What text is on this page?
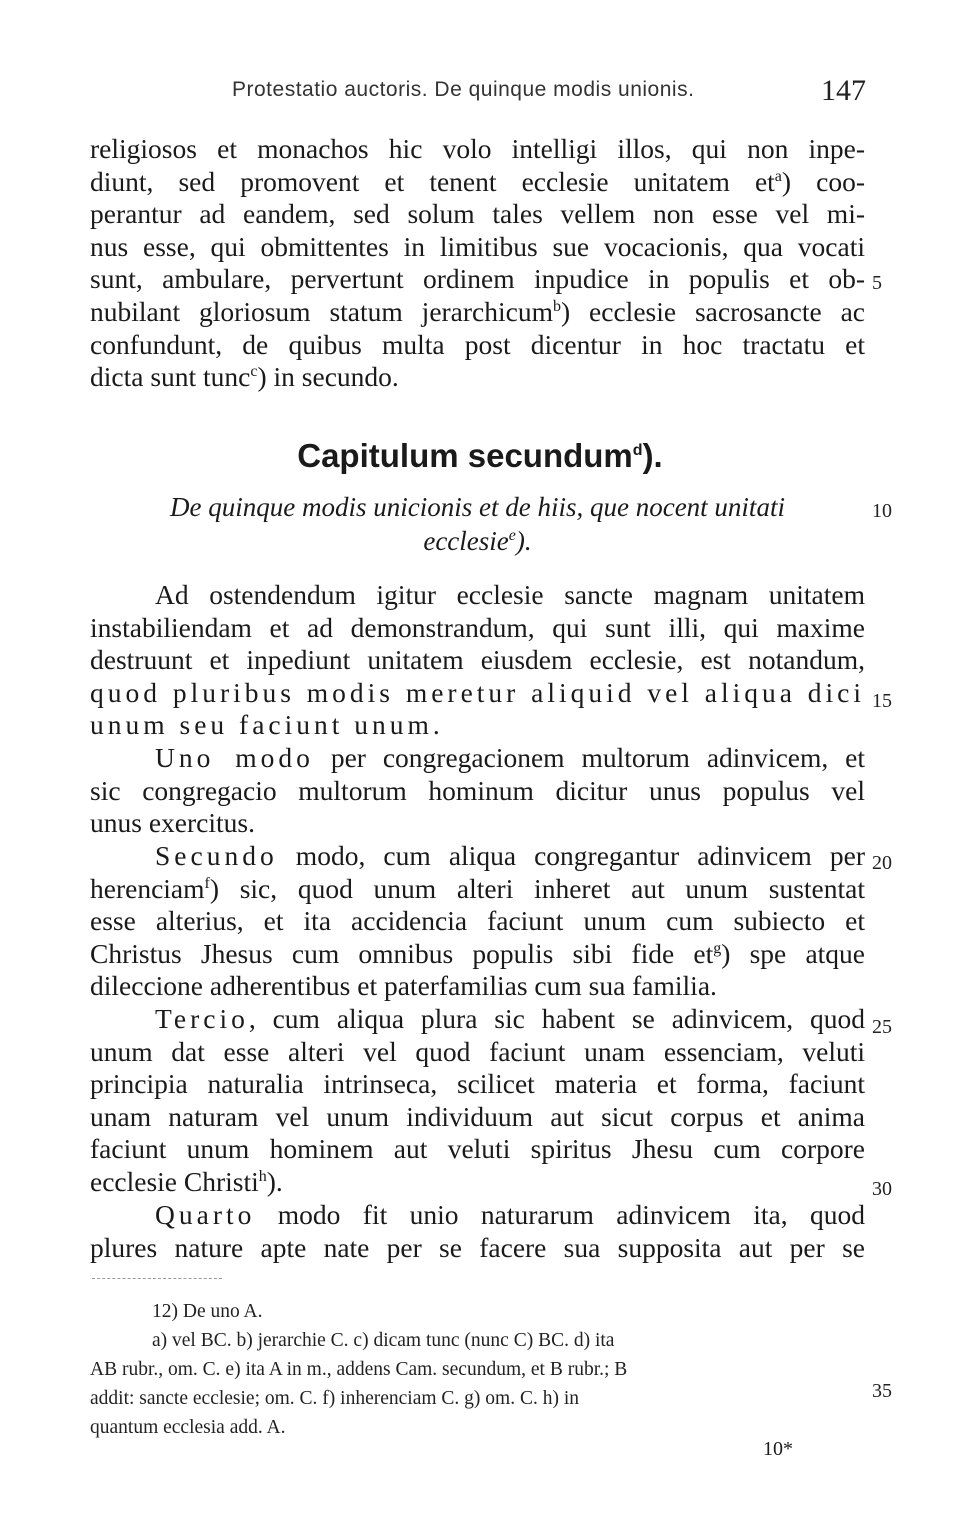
Protestatio auctoris. De quinque modis unionis.	147
religiosos et monachos hic volo intelligi illos, qui non inpe-
diunt, sed promovent et tenent ecclesie unitatem $et^a$) coo-
perantur ad eandem, sed solum tales vellem non esse vel mi-
nus esse, qui obmittentes in limitibus sue vocacionis, qua vocati
sunt, ambulare, pervertunt ordinem inpudice in populis et ob-
nubilant gloriosum statum jerarchicum$^b$) ecclesie sacrosancte ac
confundunt, de quibus multa post dicentur in hoc tractatu et
dicta sunt tunc$^c$) in secundo.
Capitulum secundum$^d$).
De quinque modis unicionis et de hiis, que nocent unitati
ecclesie$^e$).
Ad ostendendum igitur ecclesie sancte magnam unitatem
instabiliendam et ad demonstrandum, qui sunt illi, qui maxime
destruunt et inpediunt unitatem eiusdem ecclesie, est notandum,
quod pluribus modis meretur aliquid vel aliqua dici
unum seu faciunt unum.
Uno modo per congregacionem multorum adinvicem, et
sic congregacio multorum hominum dicitur unus populus vel
unus exercitus.
Secundo modo, cum aliqua congregantur adinvicem per
herenciam$^f$) sic, quod unum alteri inheret aut unum sustentat
esse alterius, et ita accidencia faciunt unum cum subiecto et
Christus Jhesus cum omnibus populis sibi fide $et^g$) spe atque
dileccione adherentibus et paterfamilias cum sua familia.
Tercio, cum aliqua plura sic habent se adinvicem, quod
unum dat esse alteri vel quod faciunt unam essenciam, veluti
principia naturalia intrinseca, scilicet materia et forma, faciunt
unam naturam vel unum individuum aut sicut corpus et anima
faciunt unum hominem aut veluti spiritus Jhesu cum corpore
ecclesie Christi$^h$).
Quarto modo fit unio naturarum adinvicem ita, quod
plures nature apte nate per se facere sua supposita aut per se
5
10
15
20
25
30
35
12) De uno A.
a) vel BC. b) jerarchie C. c) dicam tunc (nunc C) BC. d) ita
AB rubr., om. C. e) ita A in m., addens Cam. secundum, et B rubr.; B
addit: sancte ecclesie; om. C. f) inherenciam C. g) om. C. h) in
quantum ecclesia add. A.
10*
